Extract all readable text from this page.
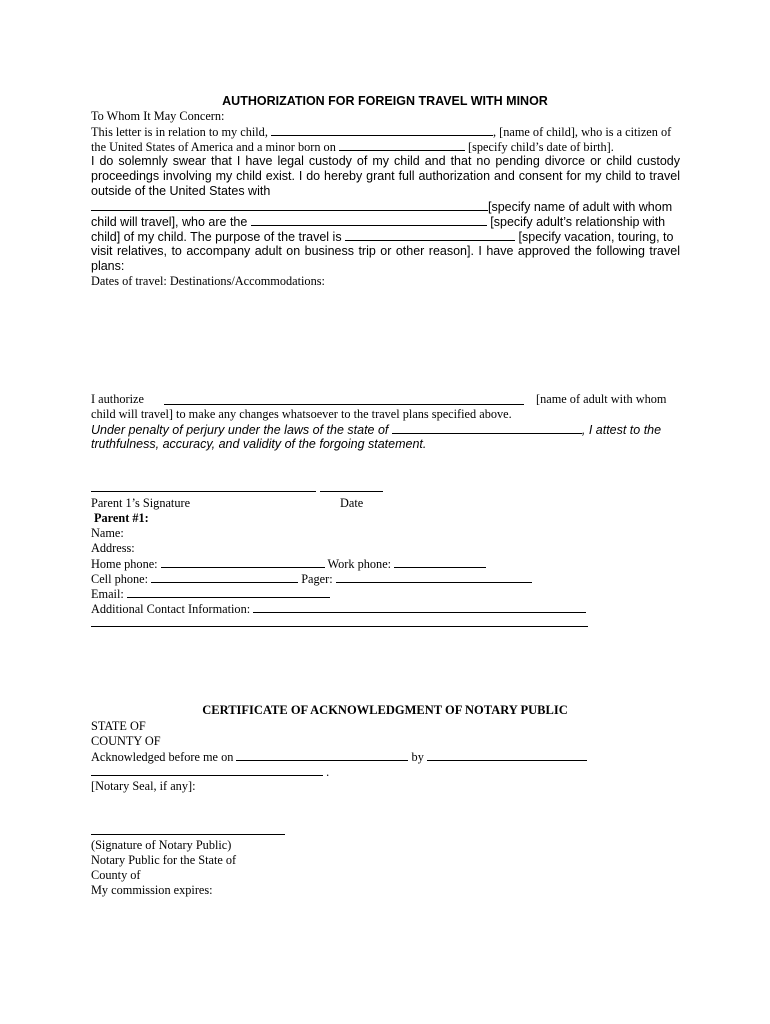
AUTHORIZATION FOR FOREIGN TRAVEL WITH MINOR
To Whom It May Concern:
This letter is in relation to my child,	, [name of child], who is a citizen of
the United States of America and a minor born on	[specify child’s date of birth].
I do solemnly swear that I have legal custody of my child and that no pending divorce or child custody
proceedings involving my child exist. I do hereby grant full authorization and consent for my child to travel
outside of the United States with
[specify name of adult with whom
child will travel], who are the	[specify adult’s relationship with
child] of my child. The purpose of the travel is	[specify vacation, touring, to
visit relatives, to accompany adult on business trip or other reason]. I have approved the following travel
plans:
Dates of travel: Destinations/Accommodations:
I authorize	[name of adult with whom
child will travel] to make any changes whatsoever to the travel plans specified above.
Under penalty of perjury under the laws of the state of	, I attest to the
truthfulness, accuracy, and validity of the forgoing statement.
Parent 1’s Signature	Date
Parent #1:
Name:
Address:
Home phone:	Work phone:
Cell phone:	Pager:
Email:
Additional Contact Information:
CERTIFICATE OF ACKNOWLEDGMENT OF NOTARY PUBLIC
STATE OF
COUNTY OF
Acknowledged before me on	by
.
[Notary Seal, if any]:
(Signature of Notary Public)
Notary Public for the State of
County of
My commission expires:
